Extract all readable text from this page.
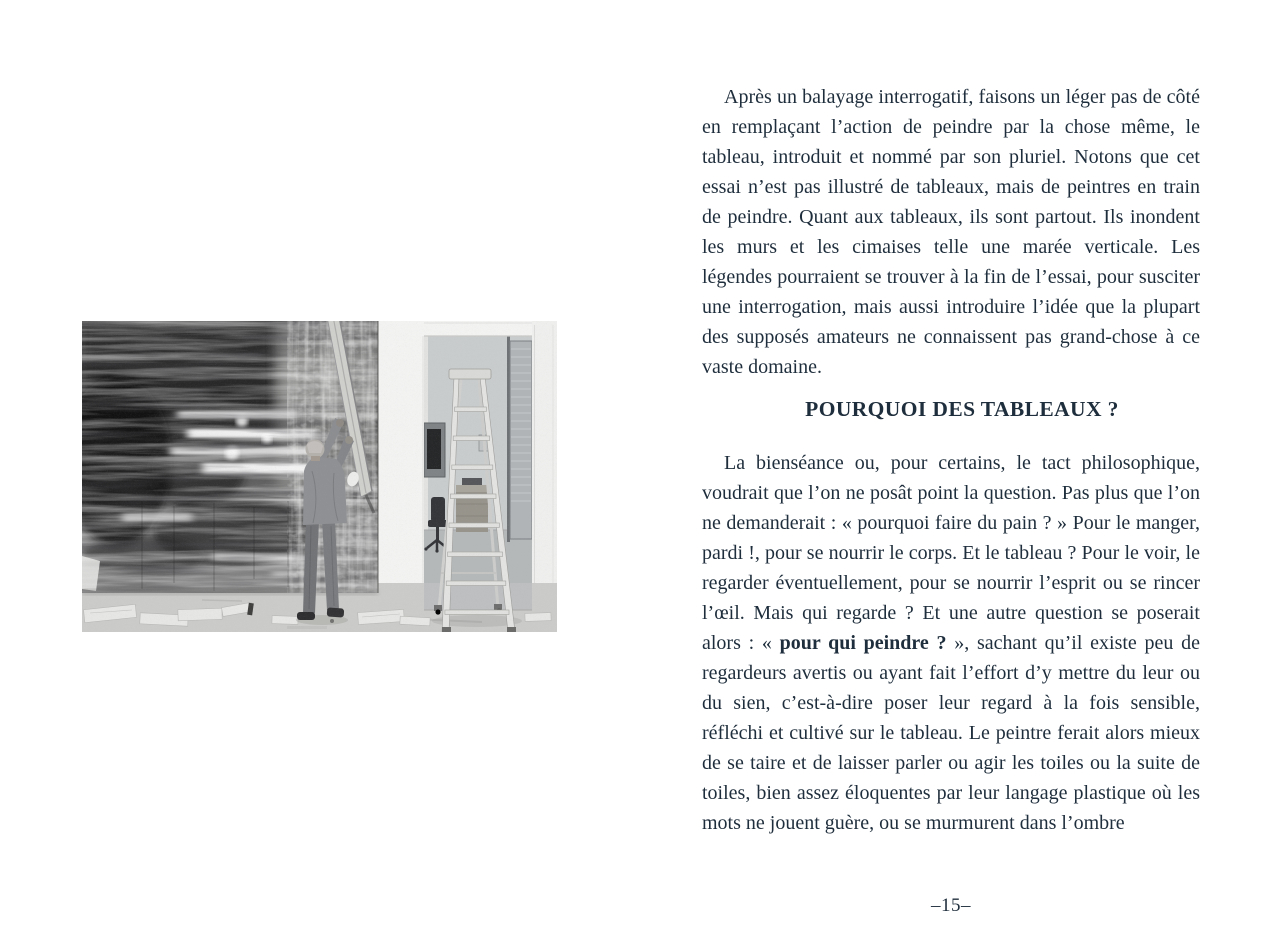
Après un balayage interrogatif, faisons un léger pas de côté en remplaçant l’action de peindre par la chose même, le tableau, introduit et nommé par son pluriel. Notons que cet essai n’est pas illustré de tableaux, mais de peintres en train de peindre. Quant aux tableaux, ils sont partout. Ils inondent les murs et les cimaises telle une marée verticale. Les légendes pourraient se trouver à la fin de l’essai, pour susciter une interrogation, mais aussi introduire l’idée que la plupart des supposés amateurs ne connaissent pas grand-chose à ce vaste domaine.

POURQUOI DES TABLEAUX ?

La bienséance ou, pour certains, le tact philosophique, voudrait que l’on ne posât point la question. Pas plus que l’on ne demanderait : « pourquoi faire du pain ? » Pour le manger, pardi !, pour se nourrir le corps. Et le tableau ? Pour le voir, le regarder éventuellement, pour se nourrir l’esprit ou se rincer l’œil. Mais qui regarde ? Et une autre question se poserait alors : « pour qui peindre ? », sachant qu’il existe peu de regardeurs avertis ou ayant fait l’effort d’y mettre du leur ou du sien, c’est-à-dire poser leur regard à la fois sensible, réfléchi et cultivé sur le tableau. Le peintre ferait alors mieux de se taire et de laisser parler ou agir les toiles ou la suite de toiles, bien assez éloquentes par leur langage plastique où les mots ne jouent guère, ou se murmurent dans l’ombre

–15–
